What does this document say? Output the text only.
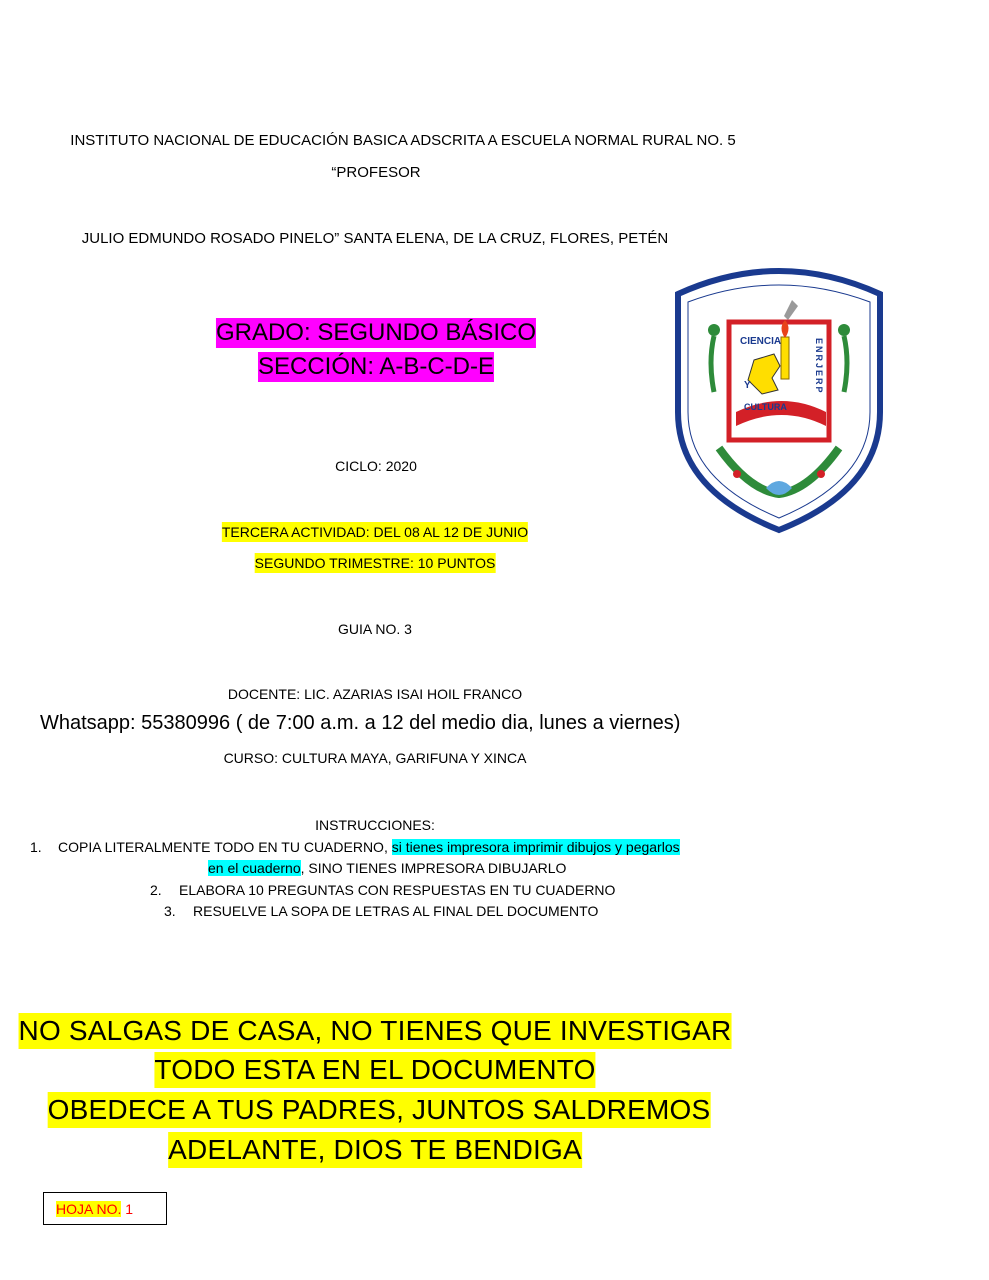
INSTITUTO NACIONAL DE EDUCACIÓN BASICA ADSCRITA A ESCUELA NORMAL RURAL NO. 5
“PROFESOR
JULIO EDMUNDO ROSADO PINELO” SANTA ELENA, DE LA CRUZ, FLORES, PETÉN
GRADO: SEGUNDO BÁSICO
SECCIÓN: A-B-C-D-E
CICLO: 2020
TERCERA ACTIVIDAD: DEL 08 AL 12 DE JUNIO
SEGUNDO TRIMESTRE: 10 PUNTOS
GUIA NO. 3
DOCENTE: LIC. AZARIAS ISAI HOIL FRANCO
Whatsapp: 55380996 ( de 7:00 a.m. a 12 del medio dia, lunes a viernes)
CURSO: CULTURA MAYA, GARIFUNA Y XINCA
INSTRUCCIONES:
1. COPIA LITERALMENTE TODO EN TU CUADERNO, si tienes impresora imprimir dibujos y pegarlos
en el cuaderno, SINO TIENES IMPRESORA DIBUJARLO
2. ELABORA 10 PREGUNTAS CON RESPUESTAS EN TU CUADERNO
3. RESUELVE LA SOPA DE LETRAS AL FINAL DEL DOCUMENTO
NO SALGAS DE CASA, NO TIENES QUE INVESTIGAR
TODO ESTA EN EL DOCUMENTO
OBEDECE A TUS PADRES, JUNTOS SALDREMOS
ADELANTE, DIOS TE BENDIGA
HOJA NO. 1
CIENCIA
Y
CULTURA
ENRJERP
